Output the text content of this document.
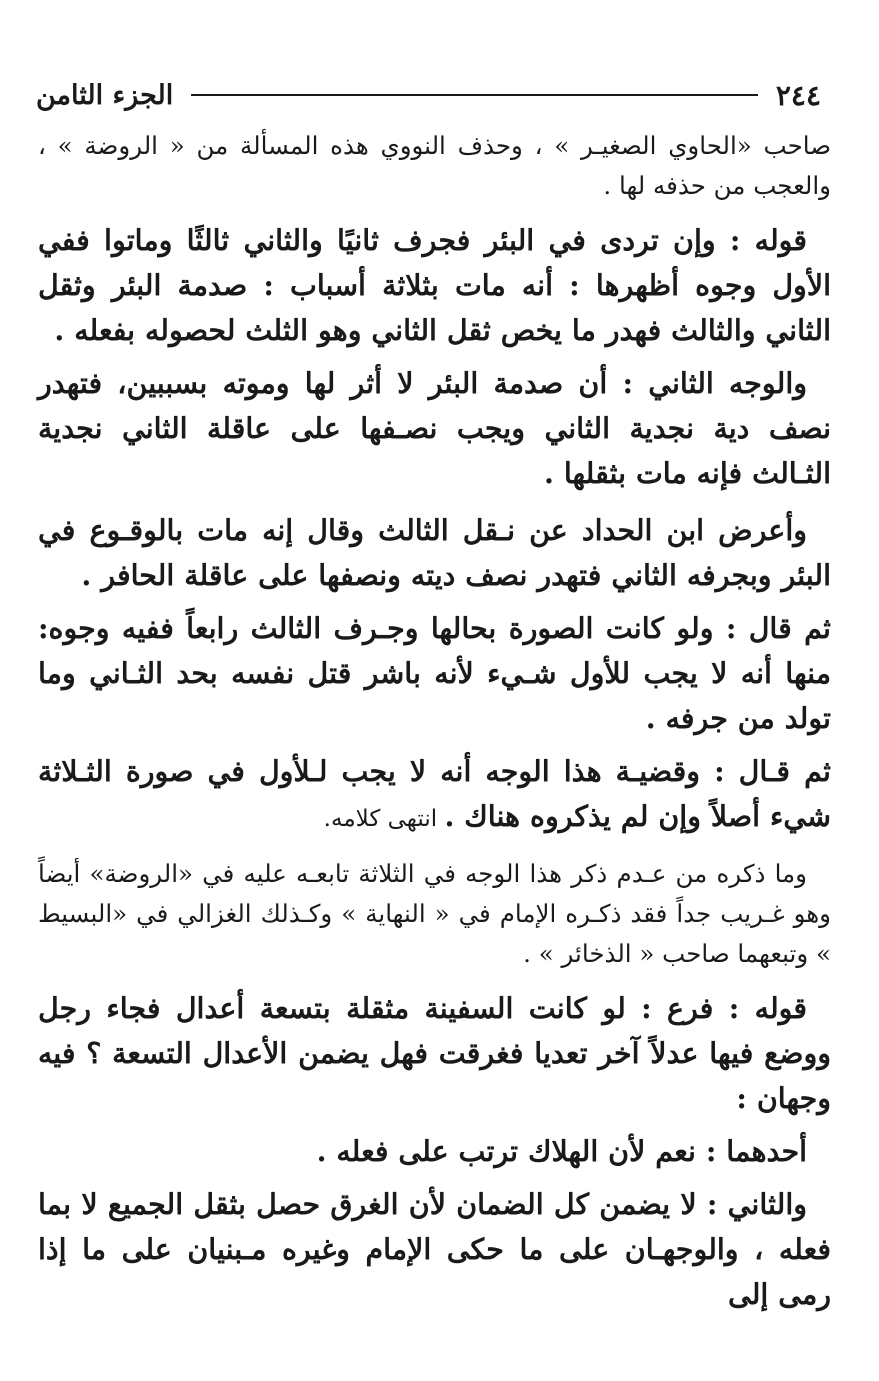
٢٤٤
الجزء الثامن

صاحب «الحاوي الصغيـر » ، وحذف النووي هذه المسألة من « الروضة » ، والعجب من حذفه لها .

قوله : وإن تردى في البئر فجرف ثانيًا والثاني ثالثًا وماتوا ففي الأول وجوه أظهرها : أنه مات بثلاثة أسباب : صدمة البئر وثقل الثاني والثالث فهدر ما يخص ثقل الثاني وهو الثلث لحصوله بفعله .

والوجه الثاني : أن صدمة البئر لا أثر لها وموته بسببين، فتهدر نصف دية نجدية الثاني ويجب نصـفها على عاقلة الثاني نجدية الثـالث فإنه مات بثقلها .

وأعرض ابن الحداد عن نـقل الثالث وقال إنه مات بالوقـوع في البئر وبجرفه الثاني فتهدر نصف ديته ونصفها على عاقلة الحافر .

ثم قال : ولو كانت الصورة بحالها وجـرف الثالث رابعاً ففيه وجوه: منها أنه لا يجب للأول شـيء لأنه باشر قتل نفسه بحد الثـاني وما تولد من جرفه .

ثم قـال : وقضيـة هذا الوجه أنه لا يجب لـلأول في صورة الثـلاثة شيء أصلاً وإن لم يذكروه هناك . انتهى كلامه.

وما ذكره من عـدم ذكر هذا الوجه في الثلاثة تابعـه عليه في «الروضة» أيضاً وهو غـريب جداً فقد ذكـره الإمام في « النهاية » وكـذلك الغزالي في «البسيط » وتبعهما صاحب « الذخائر » .

قوله : فرع : لو كانت السفينة مثقلة بتسعة أعدال فجاء رجل ووضع فيها عدلاً آخر تعديا فغرقت فهل يضمن الأعدال التسعة ؟ فيه وجهان :

أحدهما : نعم لأن الهلاك ترتب على فعله .

والثاني : لا يضمن كل الضمان لأن الغرق حصل بثقل الجميع لا بما فعله ، والوجهـان على ما حكى الإمام وغيره مـبنيان على ما إذا رمى إلى
